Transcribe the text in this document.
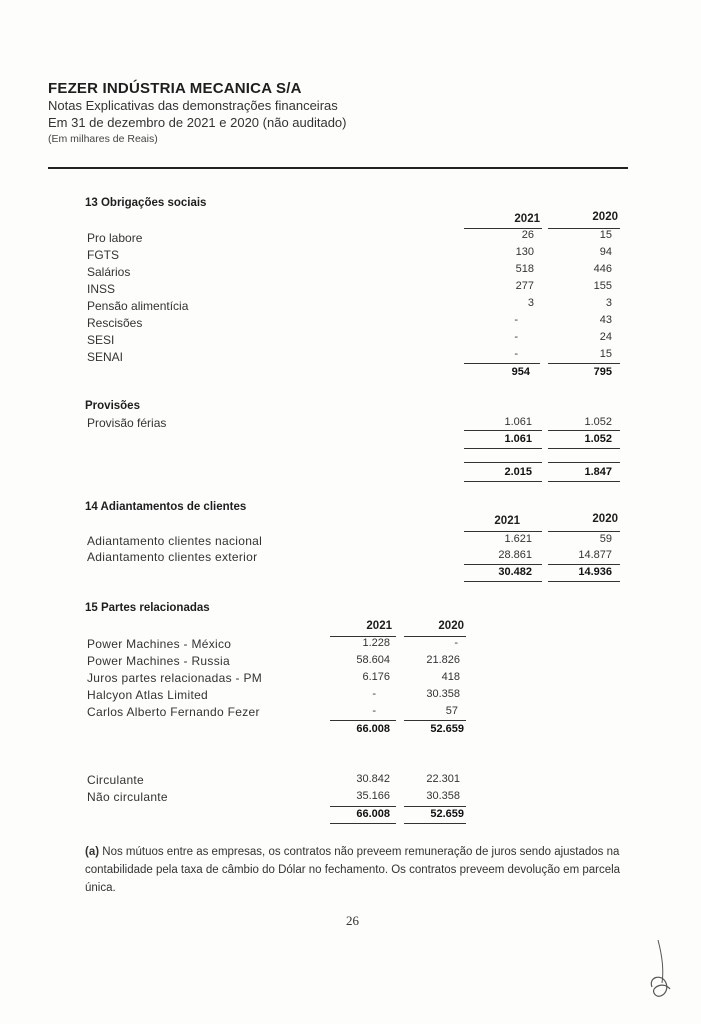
FEZER INDÚSTRIA MECANICA S/A
Notas Explicativas das demonstrações financeiras
Em 31 de dezembro de 2021 e 2020 (não auditado)
(Em milhares de Reais)
13 Obrigações sociais
2021	2020
Pro labore	26	15
FGTS	130	94
Salários	518	446
INSS	277	155
Pensão alimentícia	3	3
Rescisões	-	43
SESI	-	24
SENAI	-	15
954	795
Provisões
Provisão férias	1.061	1.052
1.061	1.052
2.015	1.847
14 Adiantamentos de clientes
2021	2020
Adiantamento clientes nacional	1.621	59
Adiantamento clientes exterior	28.861	14.877
30.482	14.936
15 Partes relacionadas
2021	2020
Power Machines - México	1.228	-
Power Machines - Russia	58.604	21.826
Juros partes relacionadas - PM	6.176	418
Halcyon Atlas Limited	-	30.358
Carlos Alberto Fernando Fezer	-	57
66.008	52.659
Circulante	30.842	22.301
Não circulante	35.166	30.358
66.008	52.659
(a) Nos mútuos entre as empresas, os contratos não preveem remuneração de juros sendo ajustados na contabilidade pela taxa de câmbio do Dólar no fechamento. Os contratos preveem devolução em parcela única.
26
